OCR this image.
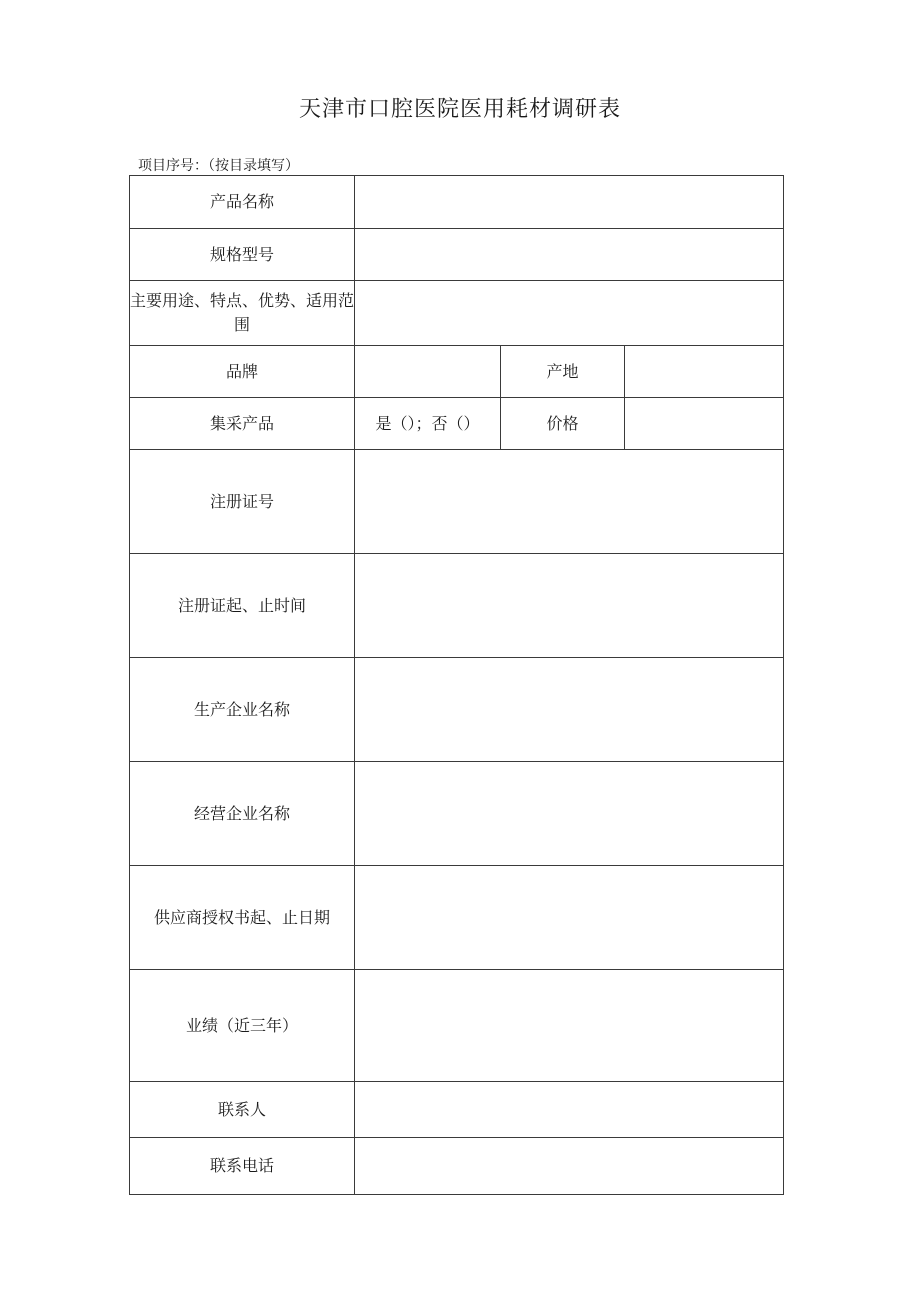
天津市口腔医院医用耗材调研表
项目序号：（按目录填写）
产品名称			
规格型号			
主要用途、特点、优势、适用范围			
品牌		产地	
集采产品	是（）；否（）	价格	
注册证号			
注册证起、止时间			
生产企业名称			
经营企业名称			
供应商授权书起、止日期			
业绩（近三年）			
联系人			
联系电话			
